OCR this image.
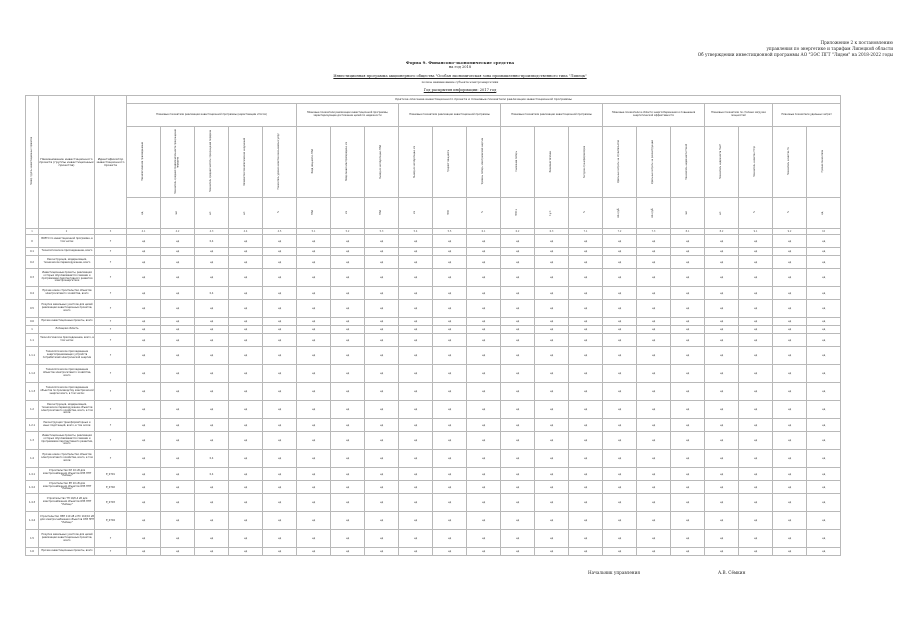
Приложение 2 к постановлению
управления по энергетике и тарифам Липецкой области
Об утверждении инвестиционной программы АО "ЭЭС ПГТ "Лидем" на 2018-2022 годы
Форма 9. Финансово-экономические средства
на год 2018
Инвестиционная программа акционерного общества "Особая экономическая зона промышленно-производственного типа "Липецк"
полное наименование субъекта электроэнергетики
Год раскрытия информации: 2017 год
Номер группы инвестиционных проектов	Наименование инвестиционного проекта (группы инвестиционных проектов)	Идентификатор инвестиционного проекта	Краткое описание инвестиционного проекта и плановые показатели реализации инвестиционной программы																				
			Плановые показатели реализации инвестиционной программы (нарастающим итогом)					Плановые показатели реализации инвестиционной программы, характеризующие достижение целей по надежности			Плановые показатели реализации инвестиционной программы			Плановые показатели реализации инвестиционной программы			Плановые показатели в области энергосбережения и повышения энергетической эффективности			Плановые показатели по степени загрузки мощностей		Плановые показатели удельных затрат	
			Технологическое присоединение	Показатель средней продолжительности прекращения передачи	Показатель средней частоты прекращения передачи	Количество технологических нарушений	Показатель уровня качества оказываемых услуг	Ввод мощности, МВА	Ввод линий электропередачи, км	Вывод из эксплуатации, МВА	Вывод из эксплуатации, км	Прирост мощности	Уровень потерь электрической энергии	Снижение потерь	Экономия топлива	Загрузка трансформаторов	Удельные затраты на строительство	Удельные затраты на реконструкцию	Показатель надежности Пsaidi	Показатель надежности Пsaifi	Показатель качества Птпр	Показатель качества Пк	Прочие показатели
			ед.	час	шт.	шт.	%	МВА	км	МВА	км	МВт	%	МВт·ч	т.у.т.	%	млн руб.	млн руб.	час	шт.	%	%	ед.
1	2	3	4.1	4.2	4.3	4.4	4.5	5.1	5.2	5.3	5.4	5.5	6.1	6.2	6.3	7.1	7.2	7.3	8.1	8.2	9.1	9.2	10
0	ВСЕГО по инвестиционной программе, в том числе:	Г	нд	нд	0,4	нд	нд	нд	нд	нд	нд	нд	нд	нд	нд	нд	нд	нд	нд	нд	нд	нд	нд
0.1	Технологическое присоединение, всего	Г	нд	нд	нд	нд	нд	нд	нд	нд	нд	нд	нд	нд	нд	нд	нд	нд	нд	нд	нд	нд	нд
0.2	Реконструкция, модернизация, техническое перевооружение, всего	Г	нд	нд	нд	нд	нд	нд	нд	нд	нд	нд	нд	нд	нд	нд	нд	нд	нд	нд	нд	нд	нд
0.3	Инвестиционные проекты, реализация которых обуславливается схемами и программами перспективного развития электроэнергетики	Г	нд	нд	нд	нд	нд	нд	нд	нд	нд	нд	нд	нд	нд	нд	нд	нд	нд	нд	нд	нд	нд
0.4	Прочее новое строительство объектов электросетевого хозяйства, всего	Г	нд	нд	0,4	нд	нд	нд	нд	нд	нд	нд	нд	нд	нд	нд	нд	нд	нд	нд	нд	нд	нд
0.5	Покупка земельных участков для целей реализации инвестиционных проектов, всего	Г	нд	нд	нд	нд	нд	нд	нд	нд	нд	нд	нд	нд	нд	нд	нд	нд	нд	нд	нд	нд	нд
0.6	Прочие инвестиционные проекты, всего	Г	нд	нд	нд	нд	нд	нд	нд	нд	нд	нд	нд	нд	нд	нд	нд	нд	нд	нд	нд	нд	нд
1	Липецкая область	Г	нд	нд	нд	нд	нд	нд	нд	нд	нд	нд	нд	нд	нд	нд	нд	нд	нд	нд	нд	нд	нд
1.1	Технологическое присоединение, всего, в том числе:	Г	нд	нд	нд	нд	нд	нд	нд	нд	нд	нд	нд	нд	нд	нд	нд	нд	нд	нд	нд	нд	нд
1.1.1	Технологическое присоединение энергопринимающих устройств потребителей электрической энергии	Г	нд	нд	нд	нд	нд	нд	нд	нд	нд	нд	нд	нд	нд	нд	нд	нд	нд	нд	нд	нд	нд
1.1.2	Технологическое присоединение объектов электросетевого хозяйства, всего	Г	нд	нд	нд	нд	нд	нд	нд	нд	нд	нд	нд	нд	нд	нд	нд	нд	нд	нд	нд	нд	нд
1.1.3	Технологическое присоединение объектов по производству электрической энергии всего, в том числе:	Г	нд	нд	нд	нд	нд	нд	нд	нд	нд	нд	нд	нд	нд	нд	нд	нд	нд	нд	нд	нд	нд
1.2	Реконструкция, модернизация, техническое перевооружение объектов электросетевого хозяйства, всего, в том числе:	Г	нд	нд	нд	нд	нд	нд	нд	нд	нд	нд	нд	нд	нд	нд	нд	нд	нд	нд	нд	нд	нд
1.2.1	Реконструкция трансформаторных и иных подстанций, всего, в том числе:	Г	нд	нд	нд	нд	нд	нд	нд	нд	нд	нд	нд	нд	нд	нд	нд	нд	нд	нд	нд	нд	нд
1.3	Инвестиционные проекты, реализация которых обуславливается схемами и программами перспективного развития, всего	Г	нд	нд	нд	нд	нд	нд	нд	нд	нд	нд	нд	нд	нд	нд	нд	нд	нд	нд	нд	нд	нд
1.4	Прочее новое строительство объектов электросетевого хозяйства, всего, в том числе:	Г	нд	нд	0,4	нд	нд	нд	нд	нд	нд	нд	нд	нд	нд	нд	нд	нд	нд	нд	нд	нд	нд
1.4.1	Строительство КЛ 10 кВ для электроснабжения объектов ОЭЗ ППТ "Липецк"	Е_0701	нд	нд	0,4	нд	нд	нд	нд	нд	нд	нд	нд	нд	нд	нд	нд	нд	нд	нд	нд	нд	нд
1.4.2	Строительство РП 10 кВ для электроснабжения объектов ОЭЗ ППТ "Липецк"	Е_0702	нд	нд	нд	нд	нд	нд	нд	нд	нд	нд	нд	нд	нд	нд	нд	нд	нд	нд	нд	нд	нд
1.4.3	Строительство ТП 10/0,4 кВ для электроснабжения объектов ОЭЗ ППТ "Липецк"	Е_0703	нд	нд	нд	нд	нд	нд	нд	нд	нд	нд	нд	нд	нд	нд	нд	нд	нд	нд	нд	нд	нд
1.4.4	Строительство ЛЭП 110 кВ и ПС 110/10 кВ для электроснабжения объектов ОЭЗ ППТ "Липецк"	Е_0704	нд	нд	нд	нд	нд	нд	нд	нд	нд	нд	нд	нд	нд	нд	нд	нд	нд	нд	нд	нд	нд
1.5	Покупка земельных участков для целей реализации инвестиционных проектов, всего	Г	нд	нд	нд	нд	нд	нд	нд	нд	нд	нд	нд	нд	нд	нд	нд	нд	нд	нд	нд	нд	нд
1.6	Прочие инвестиционные проекты, всего	Г	нд	нд	нд	нд	нд	нд	нд	нд	нд	нд	нд	нд	нд	нд	нд	нд	нд	нд	нд	нд	нд
Начальник управления	А.В. Сёмкин
